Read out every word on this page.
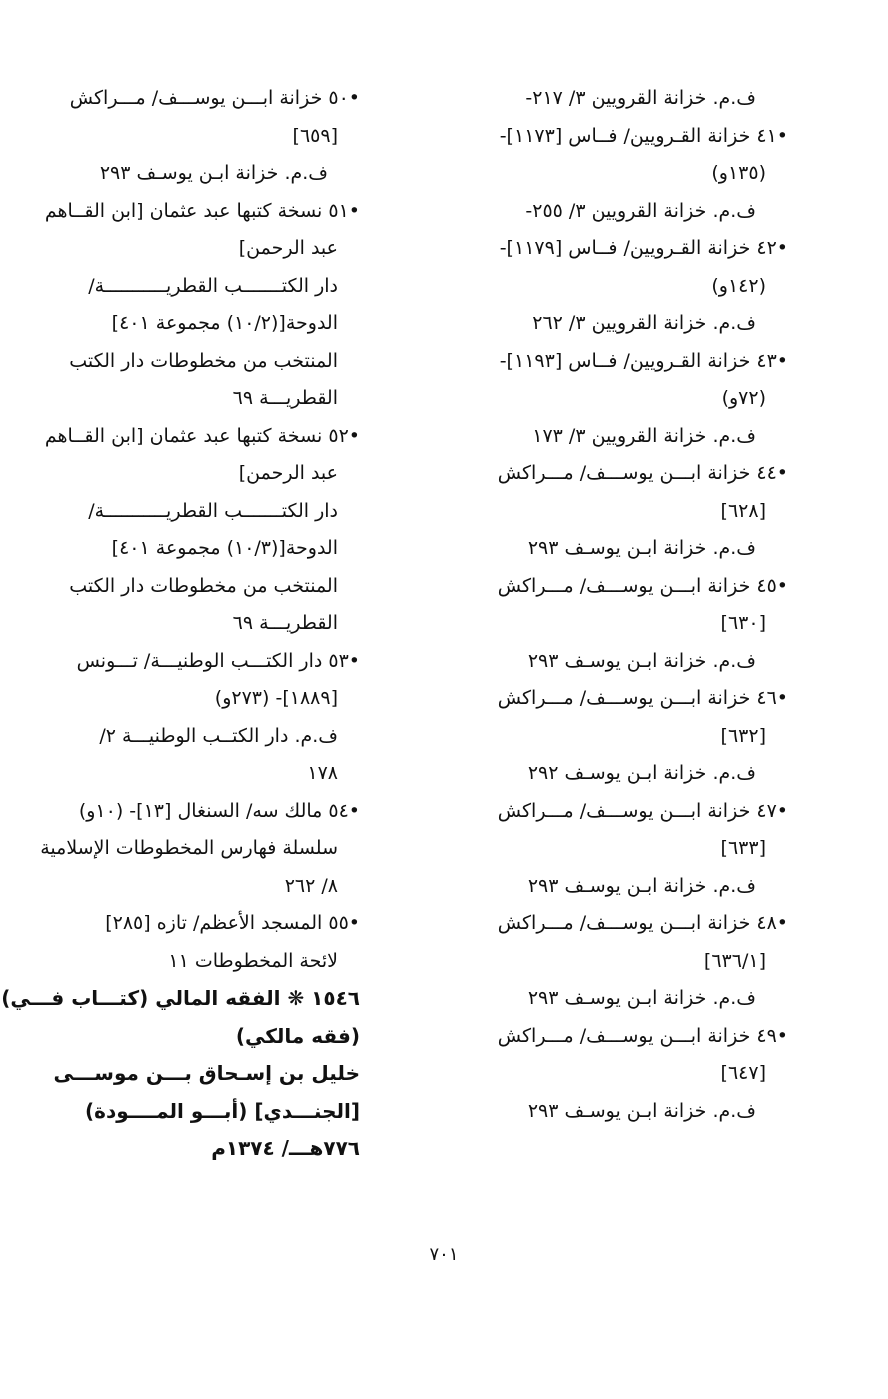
ف.م. خزانة القرويين ٣/ ٢١٧-
•٤١ خزانة القـرويين/ فــاس [١١٧٣]-
(١٣٥و)
ف.م. خزانة القرويين ٣/ ٢٥٥-
•٤٢ خزانة القـرويين/ فــاس [١١٧٩]-
(١٤٢و)
ف.م. خزانة القرويين ٣/ ٢٦٢
•٤٣ خزانة القـرويين/ فــاس [١١٩٣]-
(٧٢و)
ف.م. خزانة القرويين ٣/ ١٧٣
•٤٤ خزانة ابـــن يوســـف/ مـــراكش
[٦٢٨]
ف.م. خزانة ابـن يوسـف ٢٩٣
•٤٥ خزانة ابـــن يوســـف/ مـــراكش
[٦٣٠]
ف.م. خزانة ابـن يوسـف ٢٩٣
•٤٦ خزانة ابـــن يوســـف/ مـــراكش
[٦٣٢]
ف.م. خزانة ابـن يوسـف ٢٩٢
•٤٧ خزانة ابـــن يوســـف/ مـــراكش
[٦٣٣]
ف.م. خزانة ابـن يوسـف ٢٩٣
•٤٨ خزانة ابـــن يوســـف/ مـــراكش
[٦٣٦/١]
ف.م. خزانة ابـن يوسـف ٢٩٣
•٤٩ خزانة ابـــن يوســـف/ مـــراكش
[٦٤٧]
ف.م. خزانة ابـن يوسـف ٢٩٣
•٥٠ خزانة ابـــن يوســـف/ مـــراكش
[٦٥٩]
ف.م. خزانة ابـن يوسـف ٢٩٣
•٥١ نسخة كتبها عبد عثمان [ابن القــاهم
عبد الرحمن]
دار الكتـــــــب القطريـــــــــــة/
الدوحة[(١٠/٢) مجموعة ٤٠١]
المنتخب من مخطوطات دار الكتب
القطريـــة ٦٩
•٥٢ نسخة كتبها عبد عثمان [ابن القــاهم
عبد الرحمن]
دار الكتـــــــب القطريـــــــــــة/
الدوحة[(١٠/٣) مجموعة ٤٠١]
المنتخب من مخطوطات دار الكتب
القطريـــة ٦٩
•٥٣ دار الكتـــب الوطنيـــة/ تـــونس
[١٨٨٩]- (٢٧٣و)
ف.م. دار الكتــب الوطنيـــة ٢/
١٧٨
•٥٤ مالك سه/ السنغال [١٣]- (١٠و)
سلسلة فهارس المخطوطات الإسلامية
٨/ ٢٦٢
•٥٥ المسجد الأعظم/ تازه [٢٨٥]
لائحة المخطوطات ١١
١٥٤٦ ❋ الفقه المالي (كتـــاب فـــي)
(فقه مالكي)
خليل بن إسـحاق بـــن موســـى
[الجنـــدي] (أبـــو المــــودة)
٧٧٦هـــ/ ١٣٧٤م
٧٠١
